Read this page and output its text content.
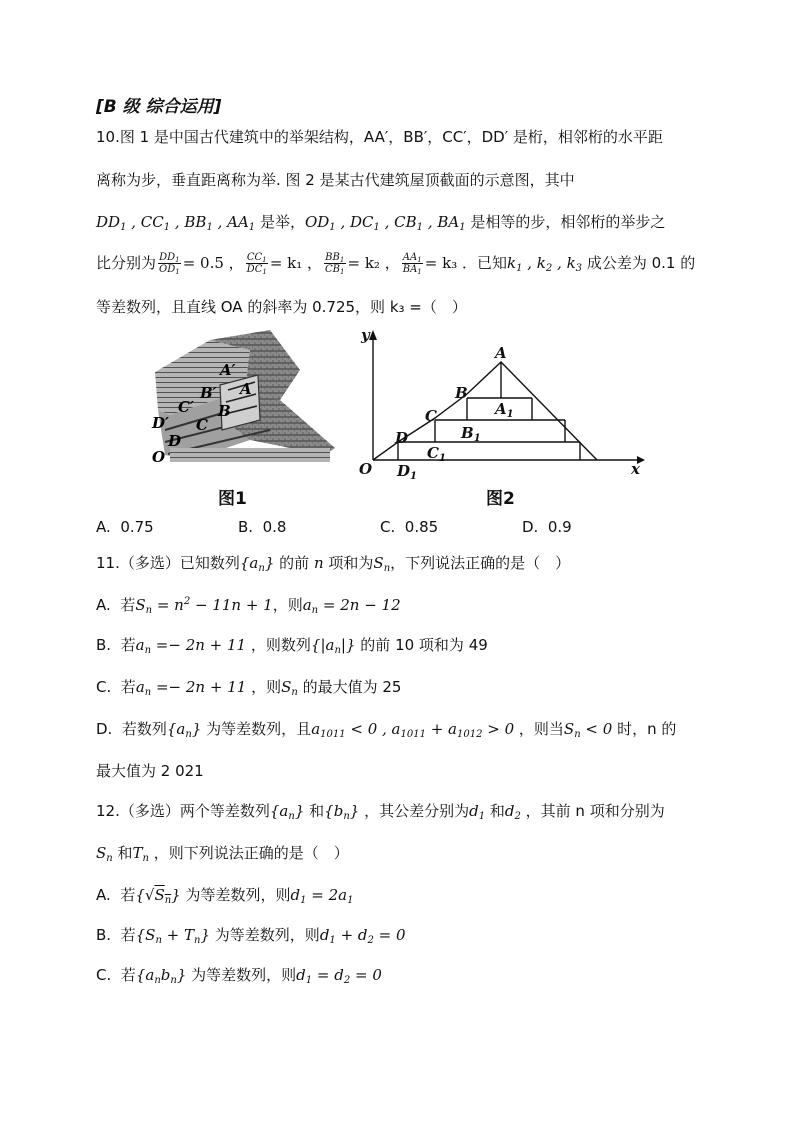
[B 级 综合运用]
10.图 1 是中国古代建筑中的举架结构，AA′，BB′，CC′，DD′ 是桁，相邻桁的水平距
离称为步，垂直距离称为举. 图 2 是某古代建筑屋顶截面的示意图，其中
$DD_1$ , $CC_1$ , $BB_1$ , $AA_1$ 是举，$OD_1$ , $DC_1$ , $CB_1$ , $BA_1$ 是相等的步，相邻桁的举步之
比分别为 $\frac{DD_1}{OD_1} = 0.5$ ， $\frac{CC_1}{DC_1} = k_1$ ， $\frac{BB_1}{CB_1} = k_2$ ， $\frac{AA_1}{BA_1} = k_3$ ．已知$k_1$ , $k_2$ , $k_3$ 成公差为 0.1 的
等差数列，且直线 OA 的斜率为 0.725，则 k₃ =（　）
A′
A
B′
B
C′
C
D′
D
O
图1
A
B
C
D
O
$A_1$
$B_1$
$C_1$
$D_1$	x
y
图2
A. 0.75	B. 0.8	C. 0.85	D. 0.9
11.（多选）已知数列$\{a_n\}$ 的前 n 项和为$S_n$，下列说法正确的是（　）
A. 若$S_n = n^2 - 11n + 1$，则$a_n = 2n - 12$
B. 若$a_n =- 2n + 11$ ，则数列$\{|a_n|\}$ 的前 10 项和为 49
C. 若$a_n =- 2n + 11$ ，则$S_n$ 的最大值为 25
D. 若数列$\{a_n\}$ 为等差数列，且$a_{1011} < 0$ , $a_{1011} + a_{1012} > 0$ ，则当$S_n < 0$ 时，n 的
最大值为 2 021
12.（多选）两个等差数列$\{a_n\}$ 和$\{b_n\}$ ，其公差分别为$d_1$ 和$d_2$ ，其前 n 项和分别为
$S_n$ 和$T_n$ ，则下列说法正确的是（　）
A. 若$\{√S_n\}$ 为等差数列，则$d_1 = 2a_1$
B. 若$\{S_n + T_n\}$ 为等差数列，则$d_1 + d_2 = 0$
C. 若$\{a_nb_n\}$ 为等差数列，则$d_1 = d_2 = 0$
